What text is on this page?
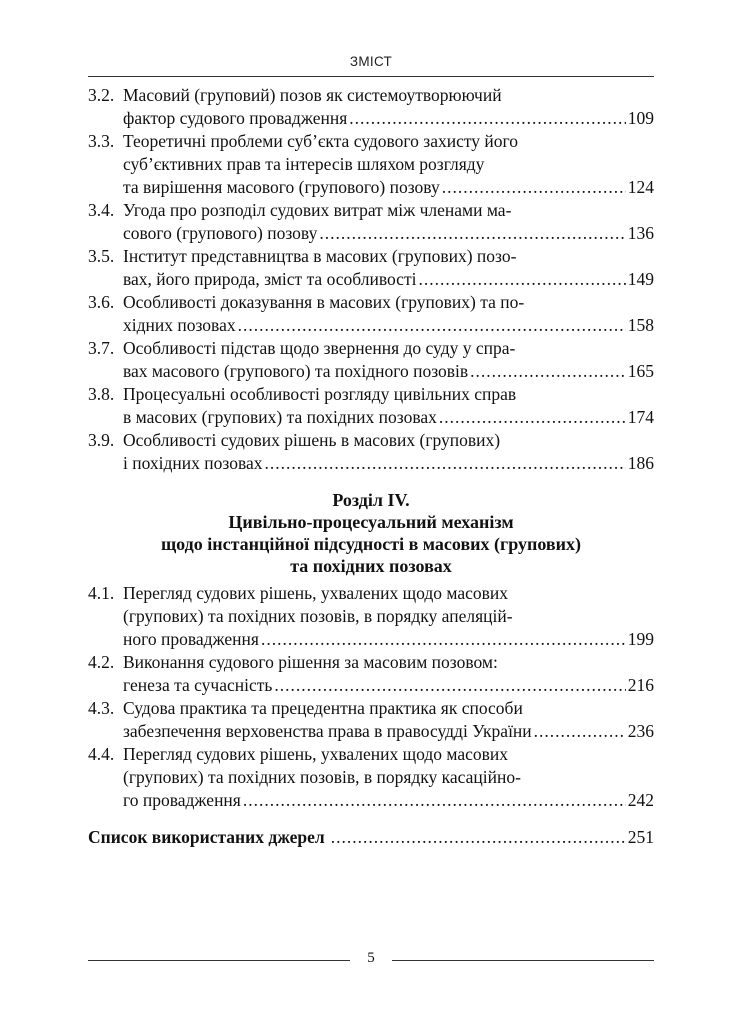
ЗМІСТ
3.2. Масовий (груповий) позов як системоутворюючий
фактор судового провадження .....	109
3.3. Теоретичні проблеми суб’єкта судового захисту його
суб’єктивних прав та інтересів шляхом розгляду
та вирішення масового (групового) позову .....	124
3.4. Угода про розподіл судових витрат між членами ма-
сового (групового) позову .....	136
3.5. Інститут представництва в масових (групових) позо-
вах, його природа, зміст та особливості .....	149
3.6. Особливості доказування в масових (групових) та по-
хідних позовах .....	158
3.7. Особливості підстав щодо звернення до суду у спра-
вах масового (групового) та похідного позовів .....	165
3.8. Процесуальні особливості розгляду цивільних справ
в масових (групових) та похідних позовах .....	174
3.9. Особливості судових рішень в масових (групових)
і похідних позовах .....	186
Розділ IV.
Цивільно-процесуальний механізм
щодо інстанційної підсудності в масових (групових)
та похідних позовах
4.1. Перегляд судових рішень, ухвалених щодо масових
(групових) та похідних позовів, в порядку апеляцій-
ного провадження .....	199
4.2. Виконання судового рішення за масовим позовом:
генеза та сучасність .....	216
4.3. Судова практика та прецедентна практика як способи
забезпечення верховенства права в правосудді України .....	236
4.4. Перегляд судових рішень, ухвалених щодо масових
(групових) та похідних позовів, в порядку касаційно-
го провадження .....	242
Список використаних джерел .....	251
5
